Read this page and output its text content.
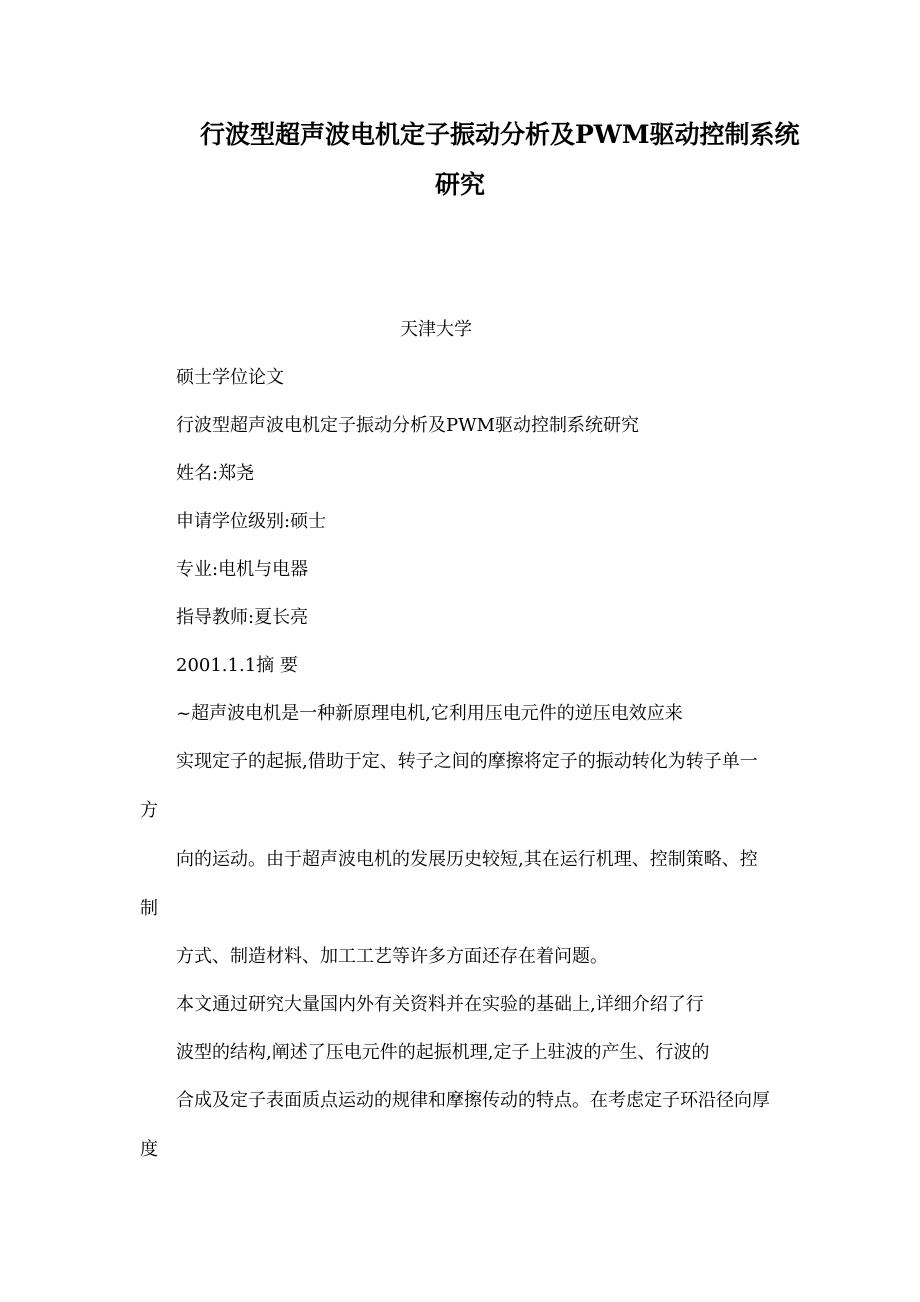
行波型超声波电机定子振动分析及PWM驱动控制系统
研究
天津大学
硕士学位论文
行波型超声波电机定子振动分析及PWM驱动控制系统研究
姓名:郑尧
申请学位级别:硕士
专业:电机与电器
指导教师:夏长亮
2001.1.1摘 要
~超声波电机是一种新原理电机,它利用压电元件的逆压电效应来
实现定子的起振,借助于定、转子之间的摩擦将定子的振动转化为转子单一
方
向的运动。由于超声波电机的发展历史较短,其在运行机理、控制策略、控
制
方式、制造材料、加工工艺等许多方面还存在着问题。
本文通过研究大量国内外有关资料并在实验的基础上,详细介绍了行
波型的结构,阐述了压电元件的起振机理,定子上驻波的产生、行波的
合成及定子表面质点运动的规律和摩擦传动的特点。在考虑定子环沿径向厚
度
